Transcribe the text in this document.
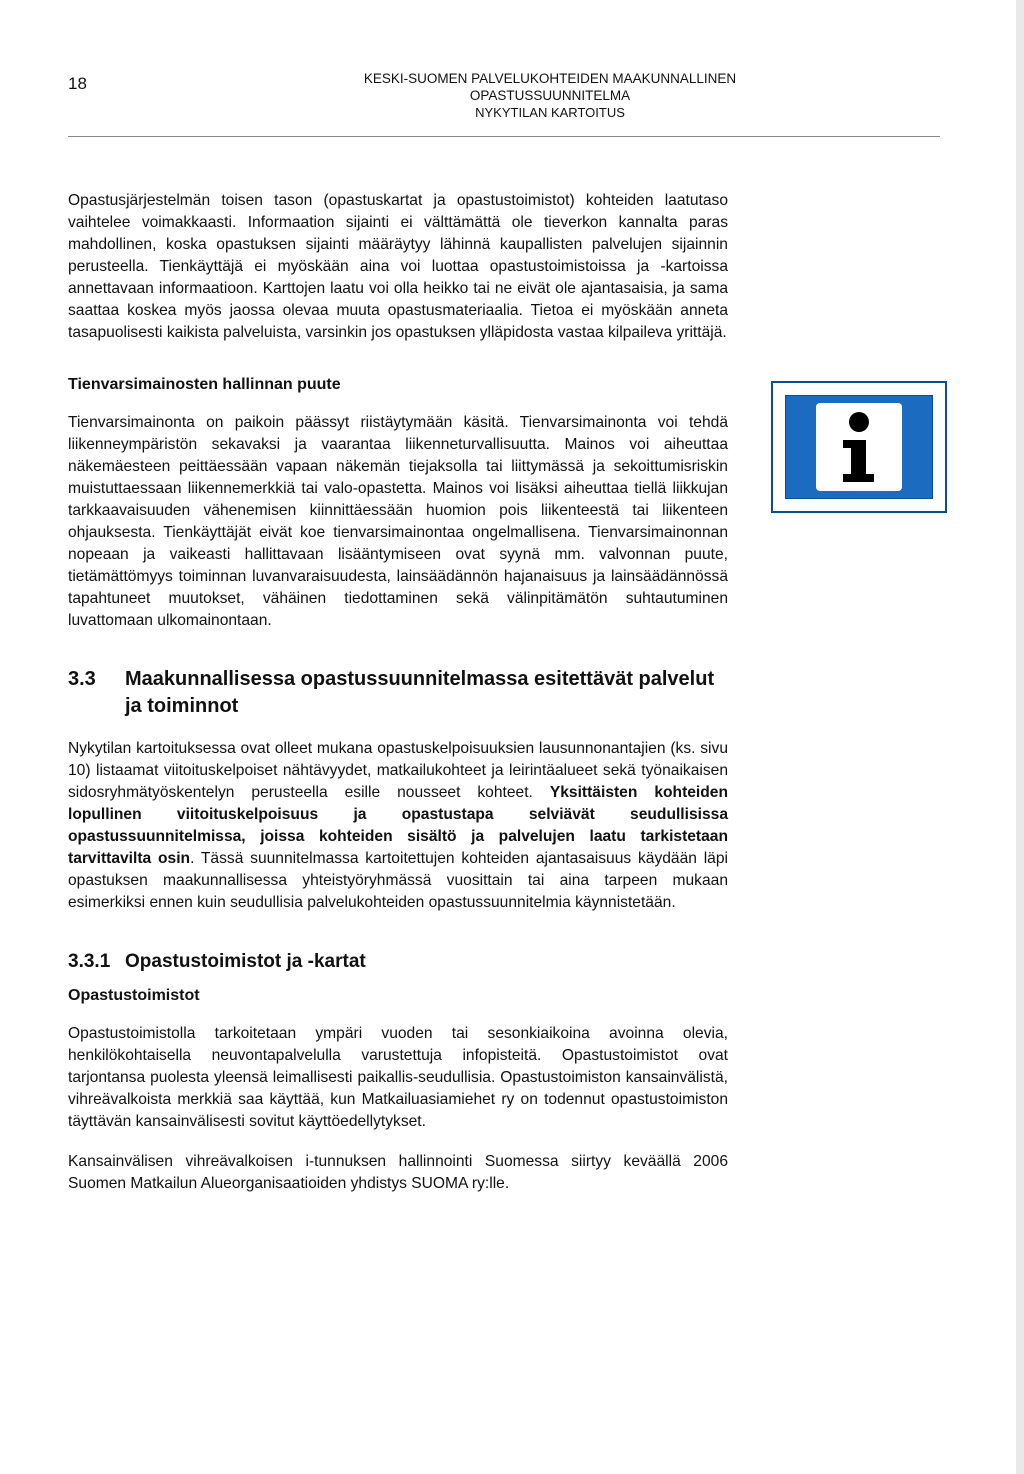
18	KESKI-SUOMEN PALVELUKOHTEIDEN MAAKUNNALLINEN
OPASTUSSUUNNITELMA
NYKYTILAN KARTOITUS

Opastusjärjestelmän toisen tason (opastuskartat ja opastustoimistot) kohteiden laatutaso vaihtelee voimakkaasti. Informaation sijainti ei välttämättä ole tieverkon kannalta paras mahdollinen, koska opastuksen sijainti määräytyy lähinnä kaupallisten palvelujen sijainnin perusteella. Tienkäyttäjä ei myöskään aina voi luottaa opastustoimistoissa ja -kartoissa annettavaan informaatioon. Karttojen laatu voi olla heikko tai ne eivät ole ajantasaisia, ja sama saattaa koskea myös jaossa olevaa muuta opastusmateriaalia. Tietoa ei myöskään anneta tasapuolisesti kaikista palveluista, varsinkin jos opastuksen ylläpidosta vastaa kilpaileva yrittäjä.

Tienvarsimainosten hallinnan puute

Tienvarsimainonta on paikoin päässyt riistäytymään käsitä. Tienvarsimainonta voi tehdä liikenneympäristön sekavaksi ja vaarantaa liikenneturvallisuutta. Mainos voi aiheuttaa näkemäesteen peittäessään vapaan näkemän tiejaksolla tai liittymässä ja sekoittumisriskin muistuttaessaan liikennemerkkiä tai valo-opastetta. Mainos voi lisäksi aiheuttaa tiellä liikkujan tarkkaavaisuuden vähenemisen kiinnittäessään huomion pois liikenteestä tai liikenteen ohjauksesta. Tienkäyttäjät eivät koe tienvarsimainontaa ongelmallisena. Tienvarsimainonnan nopeaan ja vaikeasti hallittavaan lisääntymiseen ovat syynä mm. valvonnan puute, tietämättömyys toiminnan luvanvaraisuudesta, lainsäädännön hajanaisuus ja lainsäädännössä tapahtuneet muutokset, vähäinen tiedottaminen sekä välinpitämätön suhtautuminen luvattomaan ulkomainontaan.

3.3	Maakunnallisessa opastussuunnitelmassa esitettävät palvelut ja toiminnot

Nykytilan kartoituksessa ovat olleet mukana opastuskelpoisuuksien lausunnonantajien (ks. sivu 10) listaamat viitoituskelpoiset nähtävyydet, matkailukohteet ja leirintäalueet sekä työnaikaisen sidosryhmätyöskentelyn perusteella esille nousseet kohteet. Yksittäisten kohteiden lopullinen viitoituskelpoisuus ja opastustapa selviävät seudullisissa opastussuunnitelmissa, joissa kohteiden sisältö ja palvelujen laatu tarkistetaan tarvittavilta osin. Tässä suunnitelmassa kartoitettujen kohteiden ajantasaisuus käydään läpi opastuksen maakunnallisessa yhteistyöryhmässä vuosittain tai aina tarpeen mukaan esimerkiksi ennen kuin seudullisia palvelukohteiden opastussuunnitelmia käynnistetään.

3.3.1 Opastustoimistot ja -kartat
Opastustoimistot

Opastustoimistolla tarkoitetaan ympäri vuoden tai sesonkiaikoina avoinna olevia, henkilökohtaisella neuvontapalvelulla varustettuja infopisteitä. Opastustoimistot ovat tarjontansa puolesta yleensä leimallisesti paikallis-seudullisia. Opastustoimiston kansainvälistä, vihreävalkoista merkkiä saa käyttää, kun Matkailuasiamiehet ry on todennut opastustoimiston täyttävän kansainvälisesti sovitut käyttöedellytykset.

Kansainvälisen vihreävalkoisen i-tunnuksen hallinnointi Suomessa siirtyy keväällä 2006 Suomen Matkailun Alueorganisaatioiden yhdistys SUOMA ry:lle.
